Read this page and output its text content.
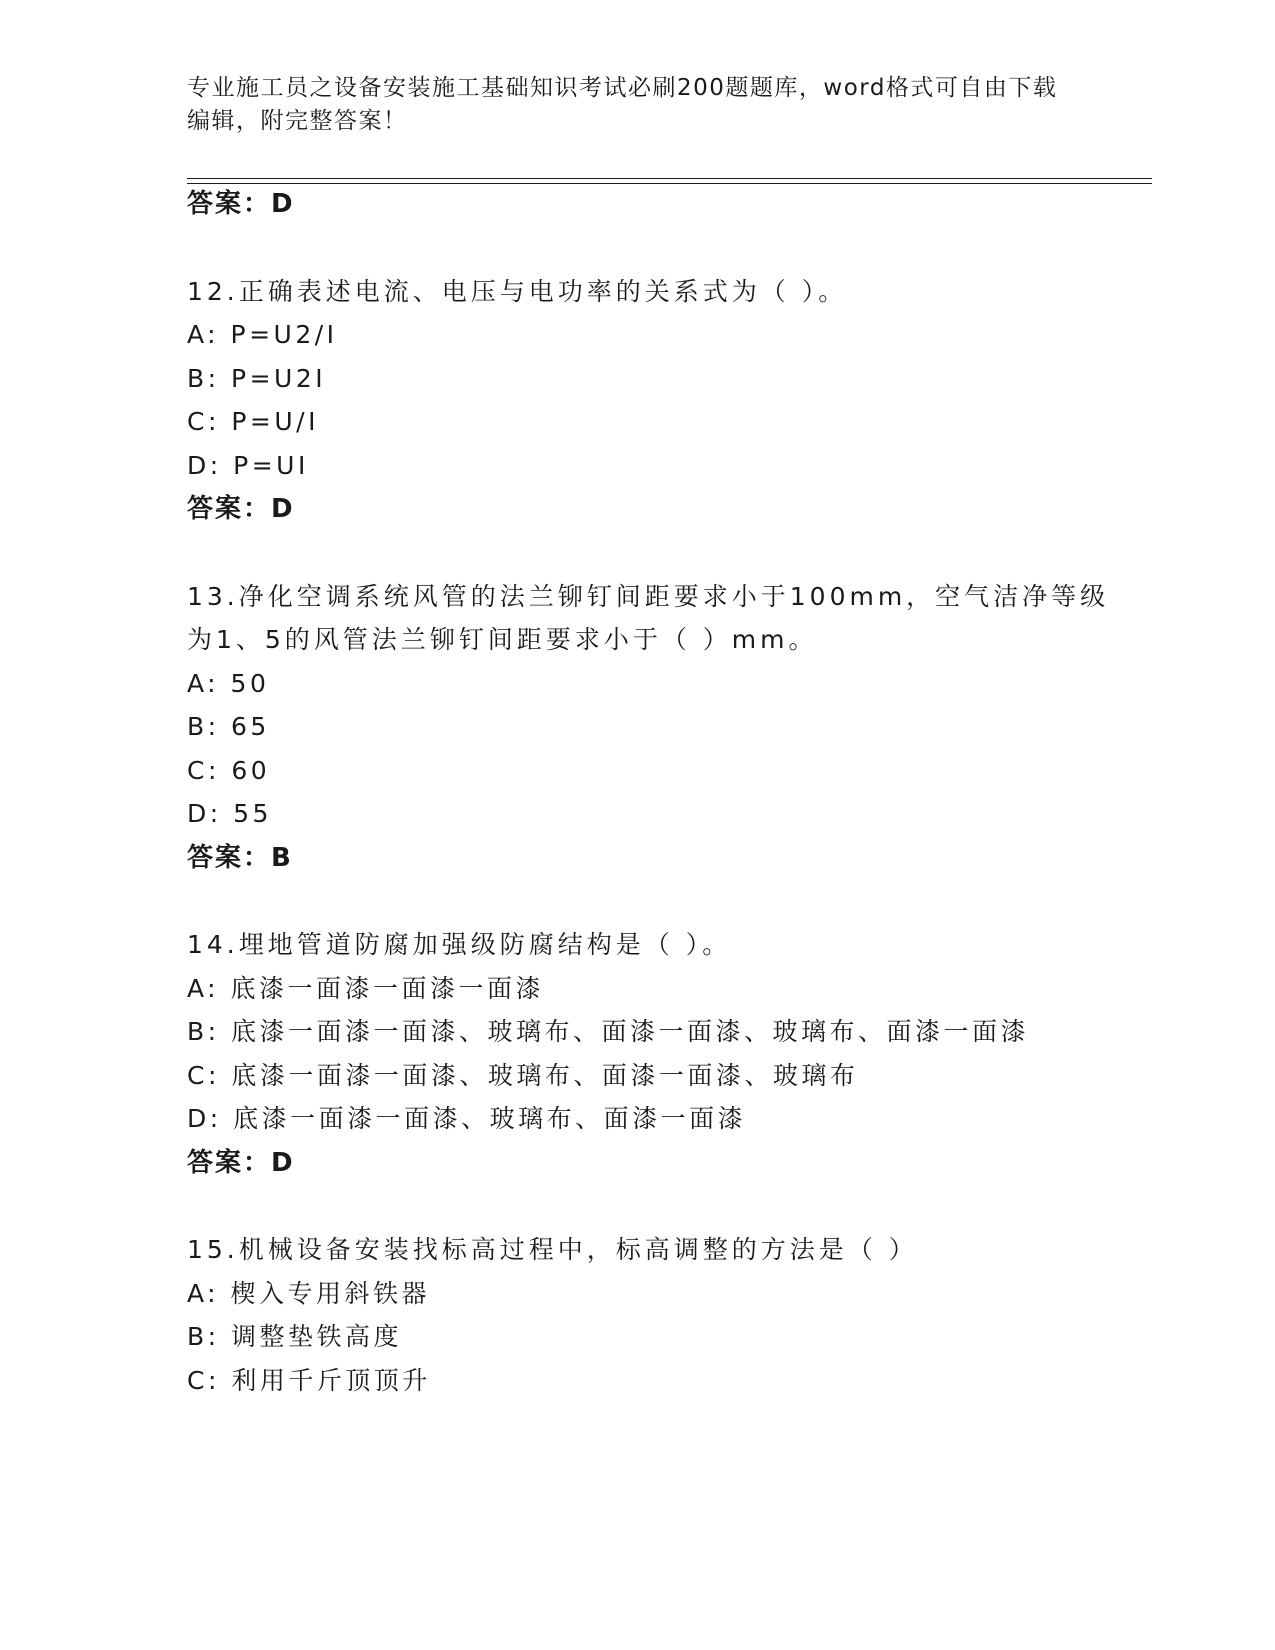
专业施工员之设备安装施工基础知识考试必刷200题题库，word格式可自由下载
编辑，附完整答案！
答案：D
12.正确表述电流、电压与电功率的关系式为（ ）。
A: P=U2/I
B: P=U2I
C: P=U/I
D: P=UI
答案：D
13.净化空调系统风管的法兰铆钉间距要求小于100mm，空气洁净等级
为1、5的风管法兰铆钉间距要求小于（ ）mm。
A: 50
B: 65
C: 60
D: 55
答案：B
14.埋地管道防腐加强级防腐结构是（ ）。
A: 底漆一面漆一面漆一面漆
B: 底漆一面漆一面漆、玻璃布、面漆一面漆、玻璃布、面漆一面漆
C: 底漆一面漆一面漆、玻璃布、面漆一面漆、玻璃布
D: 底漆一面漆一面漆、玻璃布、面漆一面漆
答案：D
15.机械设备安装找标高过程中，标高调整的方法是（ ）
A: 楔入专用斜铁器
B: 调整垫铁高度
C: 利用千斤顶顶升
